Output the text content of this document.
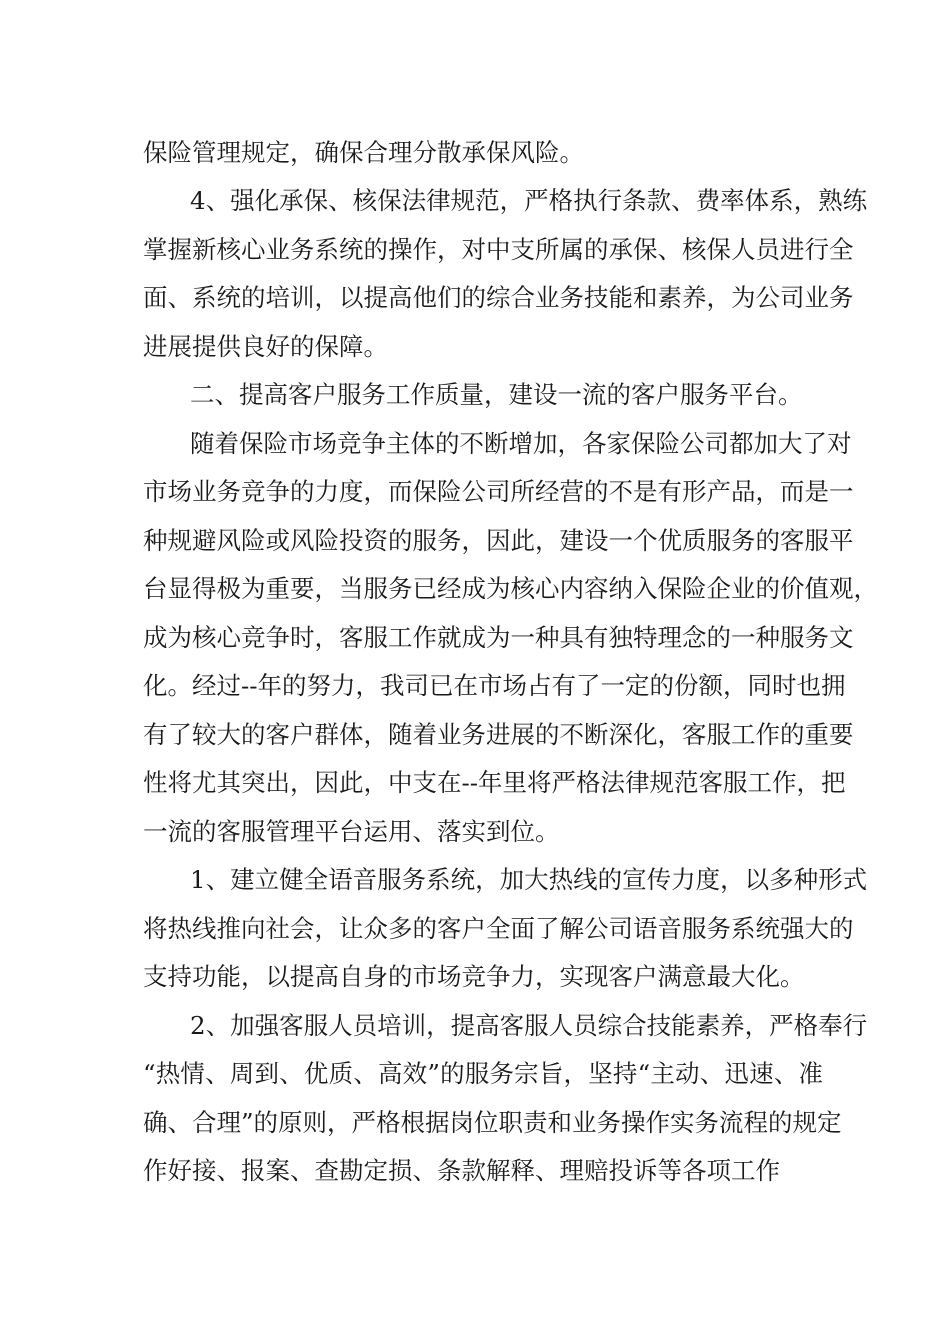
保险管理规定，确保合理分散承保风险。
4、强化承保、核保法律规范，严格执行条款、费率体系，熟练
掌握新核心业务系统的操作，对中支所属的承保、核保人员进行全
面、系统的培训，以提高他们的综合业务技能和素养，为公司业务
进展提供良好的保障。
二、提高客户服务工作质量，建设一流的客户服务平台。
随着保险市场竞争主体的不断增加，各家保险公司都加大了对
市场业务竞争的力度，而保险公司所经营的不是有形产品，而是一
种规避风险或风险投资的服务，因此，建设一个优质服务的客服平
台显得极为重要，当服务已经成为核心内容纳入保险企业的价值观，
成为核心竞争时，客服工作就成为一种具有独特理念的一种服务文
化。经过--年的努力，我司已在市场占有了一定的份额，同时也拥
有了较大的客户群体，随着业务进展的不断深化，客服工作的重要
性将尤其突出，因此，中支在--年里将严格法律规范客服工作，把
一流的客服管理平台运用、落实到位。
1、建立健全语音服务系统，加大热线的宣传力度，以多种形式
将热线推向社会，让众多的客户全面了解公司语音服务系统强大的
支持功能，以提高自身的市场竞争力，实现客户满意最大化。
2、加强客服人员培训，提高客服人员综合技能素养，严格奉行
“热情、周到、优质、高效”的服务宗旨，坚持“主动、迅速、准
确、合理”的原则，严格根据岗位职责和业务操作实务流程的规定
作好接、报案、查勘定损、条款解释、理赔投诉等各项工作
